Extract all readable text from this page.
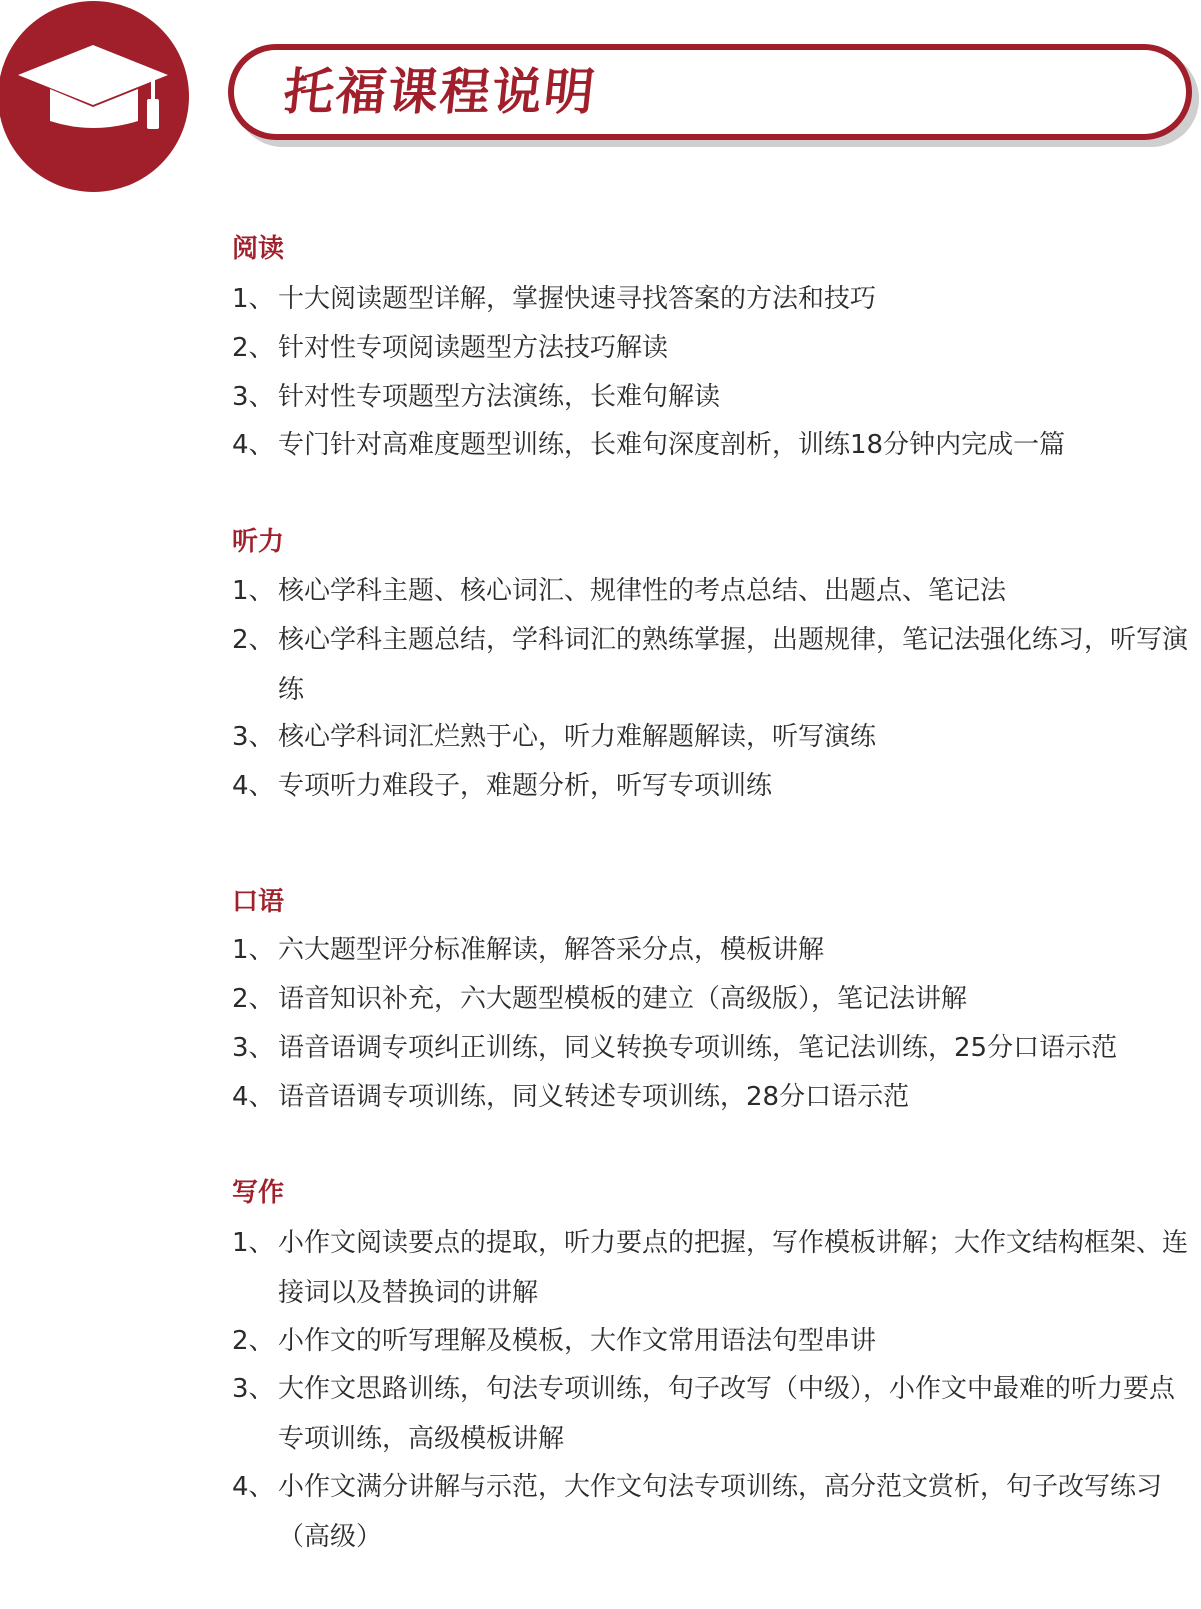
托福课程说明
阅读
1、 十大阅读题型详解，掌握快速寻找答案的方法和技巧
2、 针对性专项阅读题型方法技巧解读
3、 针对性专项题型方法演练，长难句解读
4、 专门针对高难度题型训练，长难句深度剖析，训练18分钟内完成一篇
听力
1、 核心学科主题、核心词汇、规律性的考点总结、出题点、笔记法
2、 核心学科主题总结，学科词汇的熟练掌握，出题规律，笔记法强化练习，听写演练
3、 核心学科词汇烂熟于心，听力难解题解读，听写演练
4、 专项听力难段子，难题分析，听写专项训练
口语
1、 六大题型评分标准解读，解答采分点，模板讲解
2、 语音知识补充，六大题型模板的建立（高级版），笔记法讲解
3、 语音语调专项纠正训练，同义转换专项训练，笔记法训练，25分口语示范
4、 语音语调专项训练，同义转述专项训练，28分口语示范
写作
1、 小作文阅读要点的提取，听力要点的把握，写作模板讲解；大作文结构框架、连接词以及替换词的讲解
2、 小作文的听写理解及模板，大作文常用语法句型串讲
3、 大作文思路训练，句法专项训练，句子改写（中级），小作文中最难的听力要点专项训练，高级模板讲解
4、 小作文满分讲解与示范，大作文句法专项训练，高分范文赏析，句子改写练习（高级）
